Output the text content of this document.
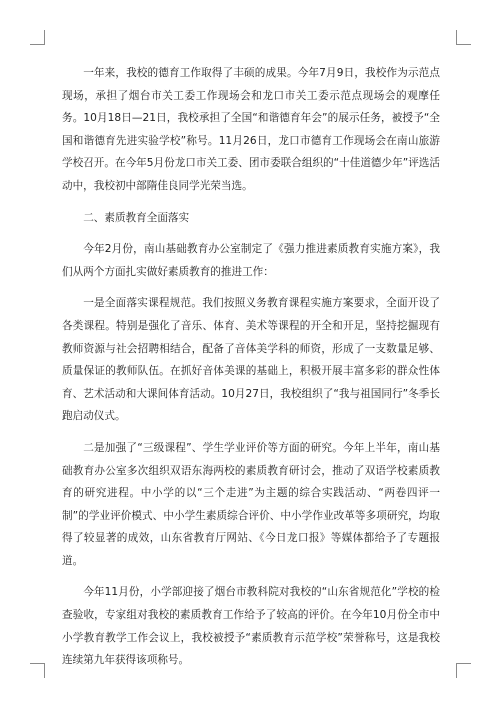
一年来，我校的德育工作取得了丰硕的成果。今年7月9日，我校作为示范点现场，承担了烟台市关工委工作现场会和龙口市关工委示范点现场会的观摩任务。10月18日—21日，我校承担了全国“和谐德育年会”的展示任务，被授予“全国和谐德育先进实验学校”称号。11月26日，龙口市德育工作现场会在南山旅游学校召开。在今年5月份龙口市关工委、团市委联合组织的“十佳道德少年”评选活动中，我校初中部隋佳良同学光荣当选。

二、素质教育全面落实

今年2月份，南山基础教育办公室制定了《强力推进素质教育实施方案》，我们从两个方面扎实做好素质教育的推进工作：

一是全面落实课程规范。我们按照义务教育课程实施方案要求，全面开设了各类课程。特别是强化了音乐、体育、美术等课程的开全和开足，坚持挖掘现有教师资源与社会招聘相结合，配备了音体美学科的师资，形成了一支数量足够、质量保证的教师队伍。在抓好音体美课的基础上，积极开展丰富多彩的群众性体育、艺术活动和大课间体育活动。10月27日，我校组织了“我与祖国同行”冬季长跑启动仪式。

二是加强了“三级课程”、学生学业评价等方面的研究。今年上半年，南山基础教育办公室多次组织双语东海两校的素质教育研讨会，推动了双语学校素质教育的研究进程。中小学的以“三个走进”为主题的综合实践活动、“两卷四评一制”的学业评价模式、中小学生素质综合评价、中小学作业改革等多项研究，均取得了较显著的成效，山东省教育厅网站、《今日龙口报》等媒体都给予了专题报道。

今年11月份，小学部迎接了烟台市教科院对我校的“山东省规范化”学校的检查验收，专家组对我校的素质教育工作给予了较高的评价。在今年10月份全市中小学教育教学工作会议上，我校被授予“素质教育示范学校”荣誉称号，这是我校连续第九年获得该项称号。
